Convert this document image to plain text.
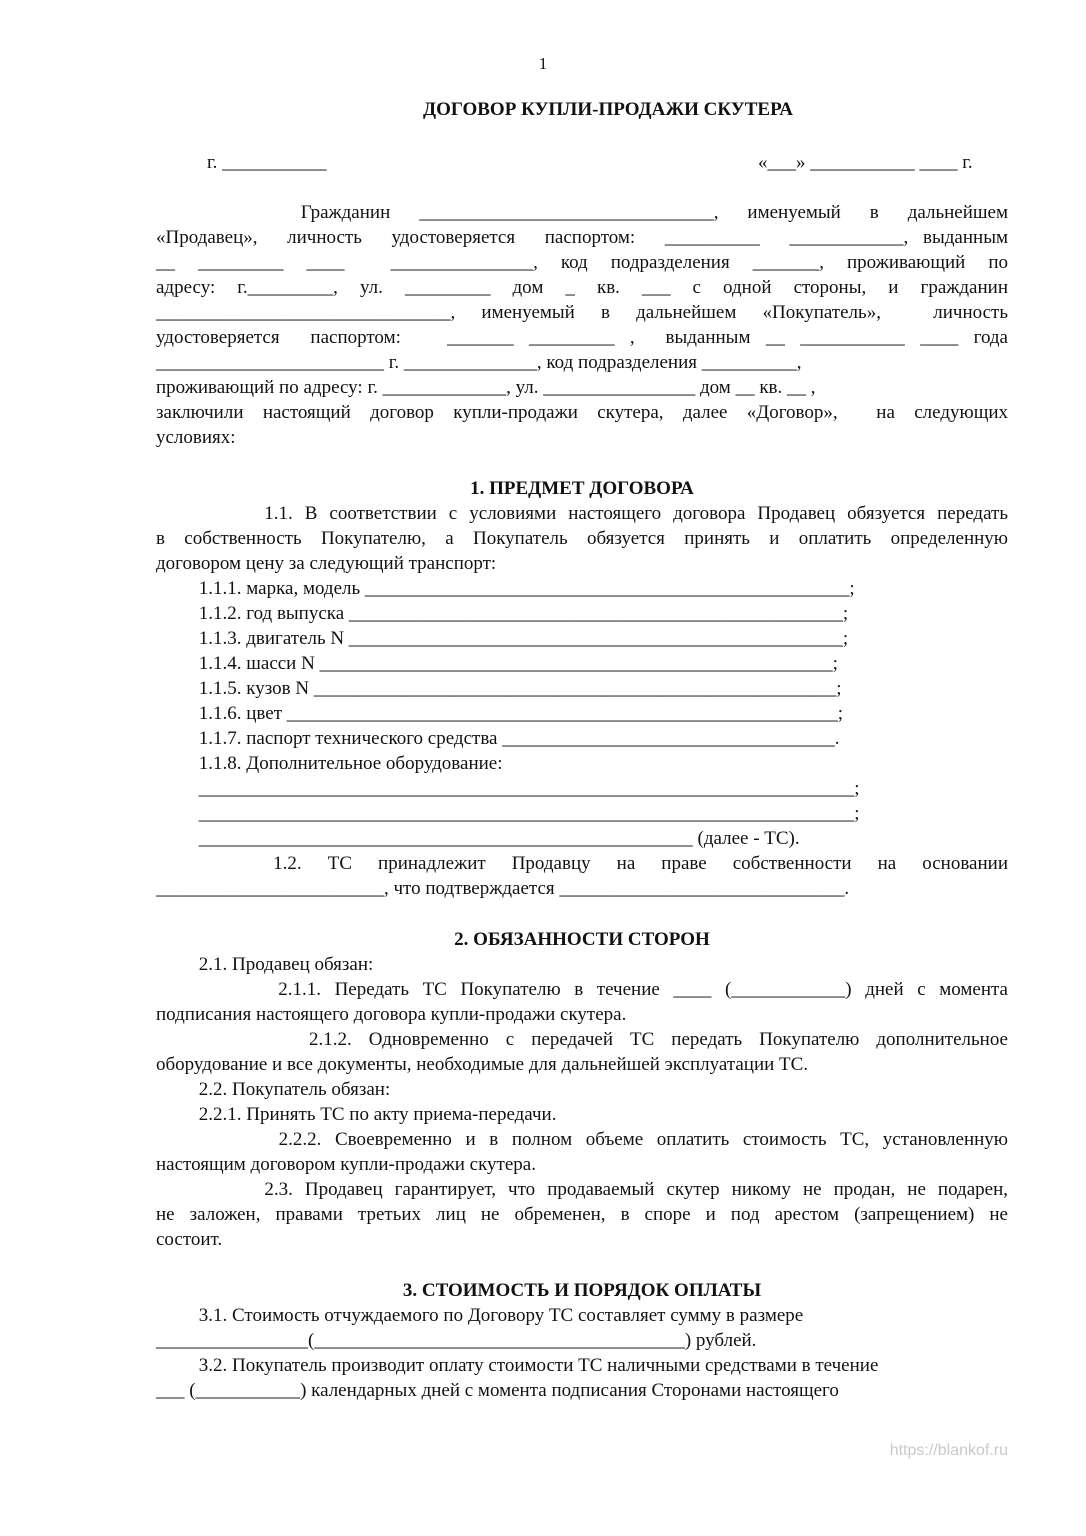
1
ДОГОВОР КУПЛИ-ПРОДАЖИ СКУТЕРА
г. ___________	«___» ___________ ____ г.
Гражданин _______________________________, именуемый в дальнейшем
«Продавец»,  личность  удостоверяется  паспортом:  __________  ____________, выданным
__ _________ ____  _______________, код подразделения _______, проживающий по
адресу: г._________, ул. _________ дом _ кв. ___ с одной стороны, и гражданин
_______________________________, именуемый в дальнейшем «Покупатель»,  личность
удостоверяется  паспортом:   _______ _________ ,  выданным __ ___________ ____ года
________________________ г. ______________, код подразделения __________,
проживающий по адресу: г. _____________, ул. ________________ дом __ кв. __ ,
заключили настоящий договор купли-продажи скутера, далее «Договор»,  на следующих
условиях:
1. ПРЕДМЕТ ДОГОВОРА
1.1. В соответствии с условиями настоящего договора Продавец обязуется передать
в собственность Покупателю, а Покупатель обязуется принять и оплатить определенную
договором цену за следующий транспорт:
1.1.1. марка, модель ___________________________________________________;
1.1.2. год выпуска ____________________________________________________;
1.1.3. двигатель N ____________________________________________________;
1.1.4. шасси N ______________________________________________________;
1.1.5. кузов N _______________________________________________________;
1.1.6. цвет __________________________________________________________;
1.1.7. паспорт технического средства ___________________________________.
1.1.8. Дополнительное оборудование:
_____________________________________________________________________;
_____________________________________________________________________;
____________________________________________________ (далее - ТС).
1.2.  ТС  принадлежит  Продавцу  на  праве  собственности  на  основании
________________________, что подтверждается ______________________________.
2. ОБЯЗАННОСТИ СТОРОН
2.1. Продавец обязан:
2.1.1. Передать ТС Покупателю в течение ____ (____________) дней с момента
подписания настоящего договора купли-продажи скутера.
2.1.2. Одновременно с передачей ТС передать Покупателю дополнительное
оборудование и все документы, необходимые для дальнейшей эксплуатации ТС.
2.2. Покупатель обязан:
2.2.1. Принять ТС по акту приема-передачи.
2.2.2. Своевременно и в полном объеме оплатить стоимость ТС, установленную
настоящим договором купли-продажи скутера.
2.3. Продавец гарантирует, что продаваемый скутер никому не продан, не подарен,
не заложен, правами третьих лиц не обременен, в споре и под арестом (запрещением) не
состоит.
3. СТОИМОСТЬ И ПОРЯДОК ОПЛАТЫ
3.1. Стоимость отчуждаемого по Договору ТС составляет сумму в размере
________________(_______________________________________) рублей.
3.2. Покупатель производит оплату стоимости ТС наличными средствами в течение
___ (___________) календарных дней с момента подписания Сторонами настоящего
https://blankof.ru
